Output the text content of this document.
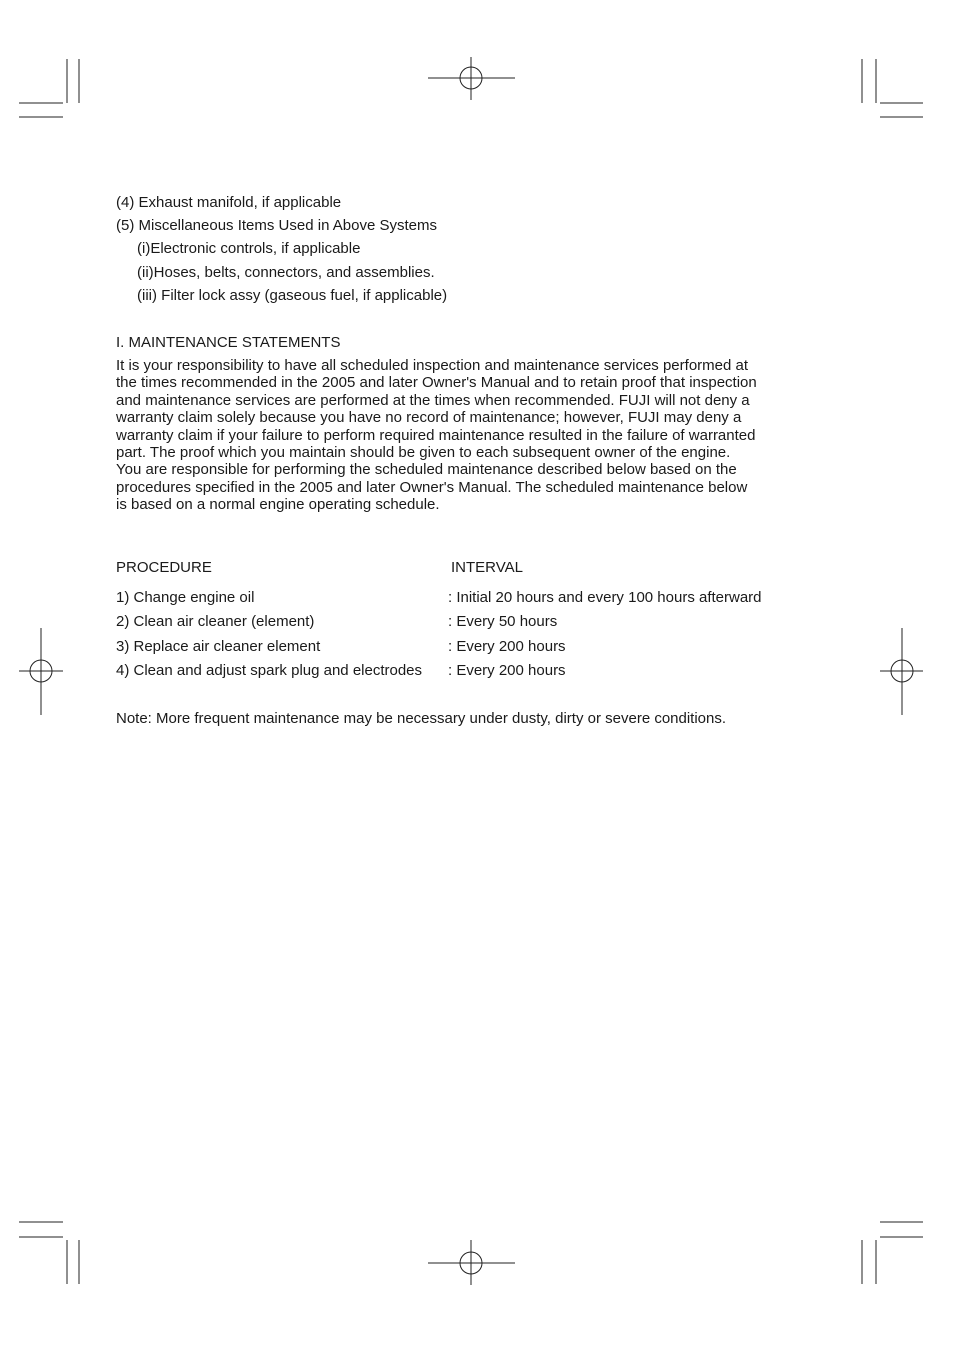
(4) Exhaust manifold, if applicable
(5) Miscellaneous Items Used in Above Systems
(i)Electronic controls, if applicable
(ii)Hoses, belts, connectors, and assemblies.
(iii) Filter lock assy (gaseous fuel, if applicable)
I. MAINTENANCE STATEMENTS
It is your responsibility to have all scheduled inspection and maintenance services performed at
the times recommended in the 2005 and later Owner's Manual and to retain proof that inspection
and maintenance services are performed at the times when recommended. FUJI will not deny a
warranty claim solely because you have no record of maintenance; however, FUJI may deny a
warranty claim if your failure to perform required maintenance resulted in the failure of warranted
part. The proof which you maintain should be given to each subsequent owner of the engine.
You are responsible for performing the scheduled maintenance described below based on the
procedures specified in the 2005 and later Owner's Manual. The scheduled maintenance below
is based on a normal engine operating schedule.
PROCEDURE	INTERVAL
1) Change engine oil	: Initial 20 hours and every 100 hours afterward
2) Clean air cleaner (element)	: Every 50 hours
3) Replace air cleaner element	: Every 200 hours
4) Clean and adjust spark plug and electrodes : Every 200 hours
Note: More frequent maintenance may be necessary under dusty, dirty or severe conditions.
